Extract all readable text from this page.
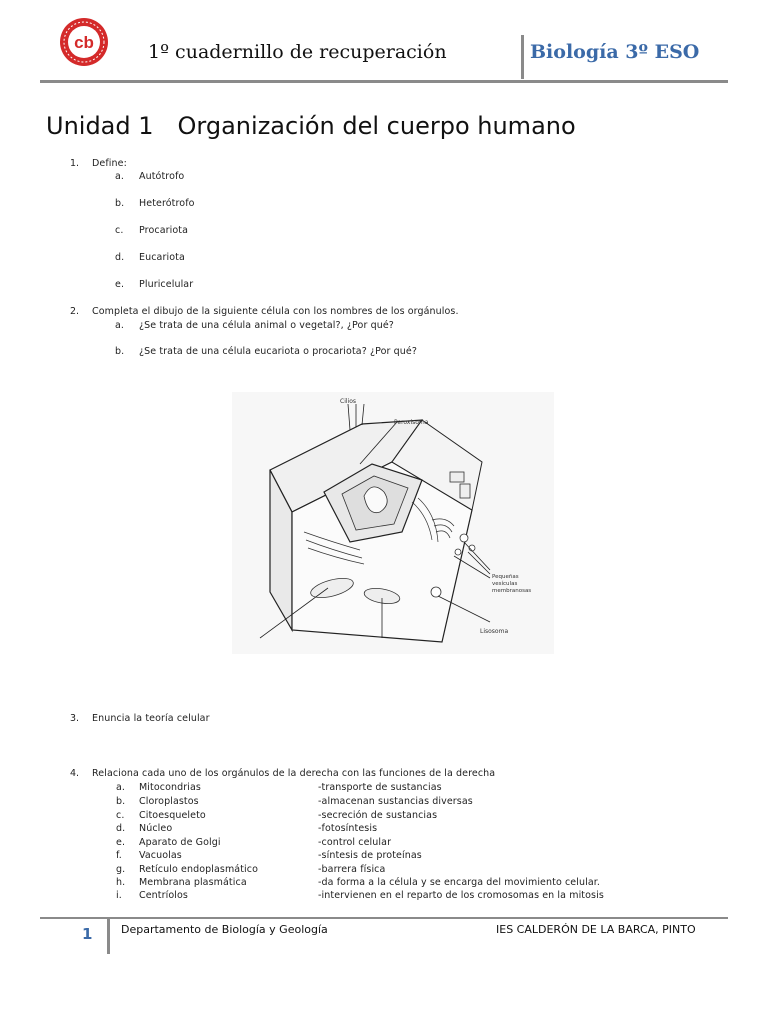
cb	1º cuadernillo de recuperación	Biología 3º ESO
Unidad 1 Organización del cuerpo humano
1. Define:
a. Autótrofo
b. Heterótrofo
c. Procariota
d. Eucariota
e. Pluricelular
2. Completa el dibujo de la siguiente célula con los nombres de los orgánulos.
a. ¿Se trata de una célula animal o vegetal?, ¿Por qué?
b. ¿Se trata de una célula eucariota o procariota? ¿Por qué?
Cilios
Peroxisoma
Pequeñas
vesículas
membranosas
Lisosoma
3. Enuncia la teoría celular
4. Relaciona cada uno de los orgánulos de la derecha con las funciones de la derecha
a. Mitocondrias	-transporte de sustancias
b. Cloroplastos	-almacenan sustancias diversas
c. Citoesqueleto	-secreción de sustancias
d. Núcleo	-fotosíntesis
e. Aparato de Golgi	-control celular
f. Vacuolas	-síntesis de proteínas
g. Retículo endoplasmático	-barrera física
h. Membrana plasmática	-da forma a la célula y se encarga del movimiento celular.
i. Centríolos	-intervienen en el reparto de los cromosomas en la mitosis
1	Departamento de Biología y Geología	IES CALDERÓN DE LA BARCA, PINTO
